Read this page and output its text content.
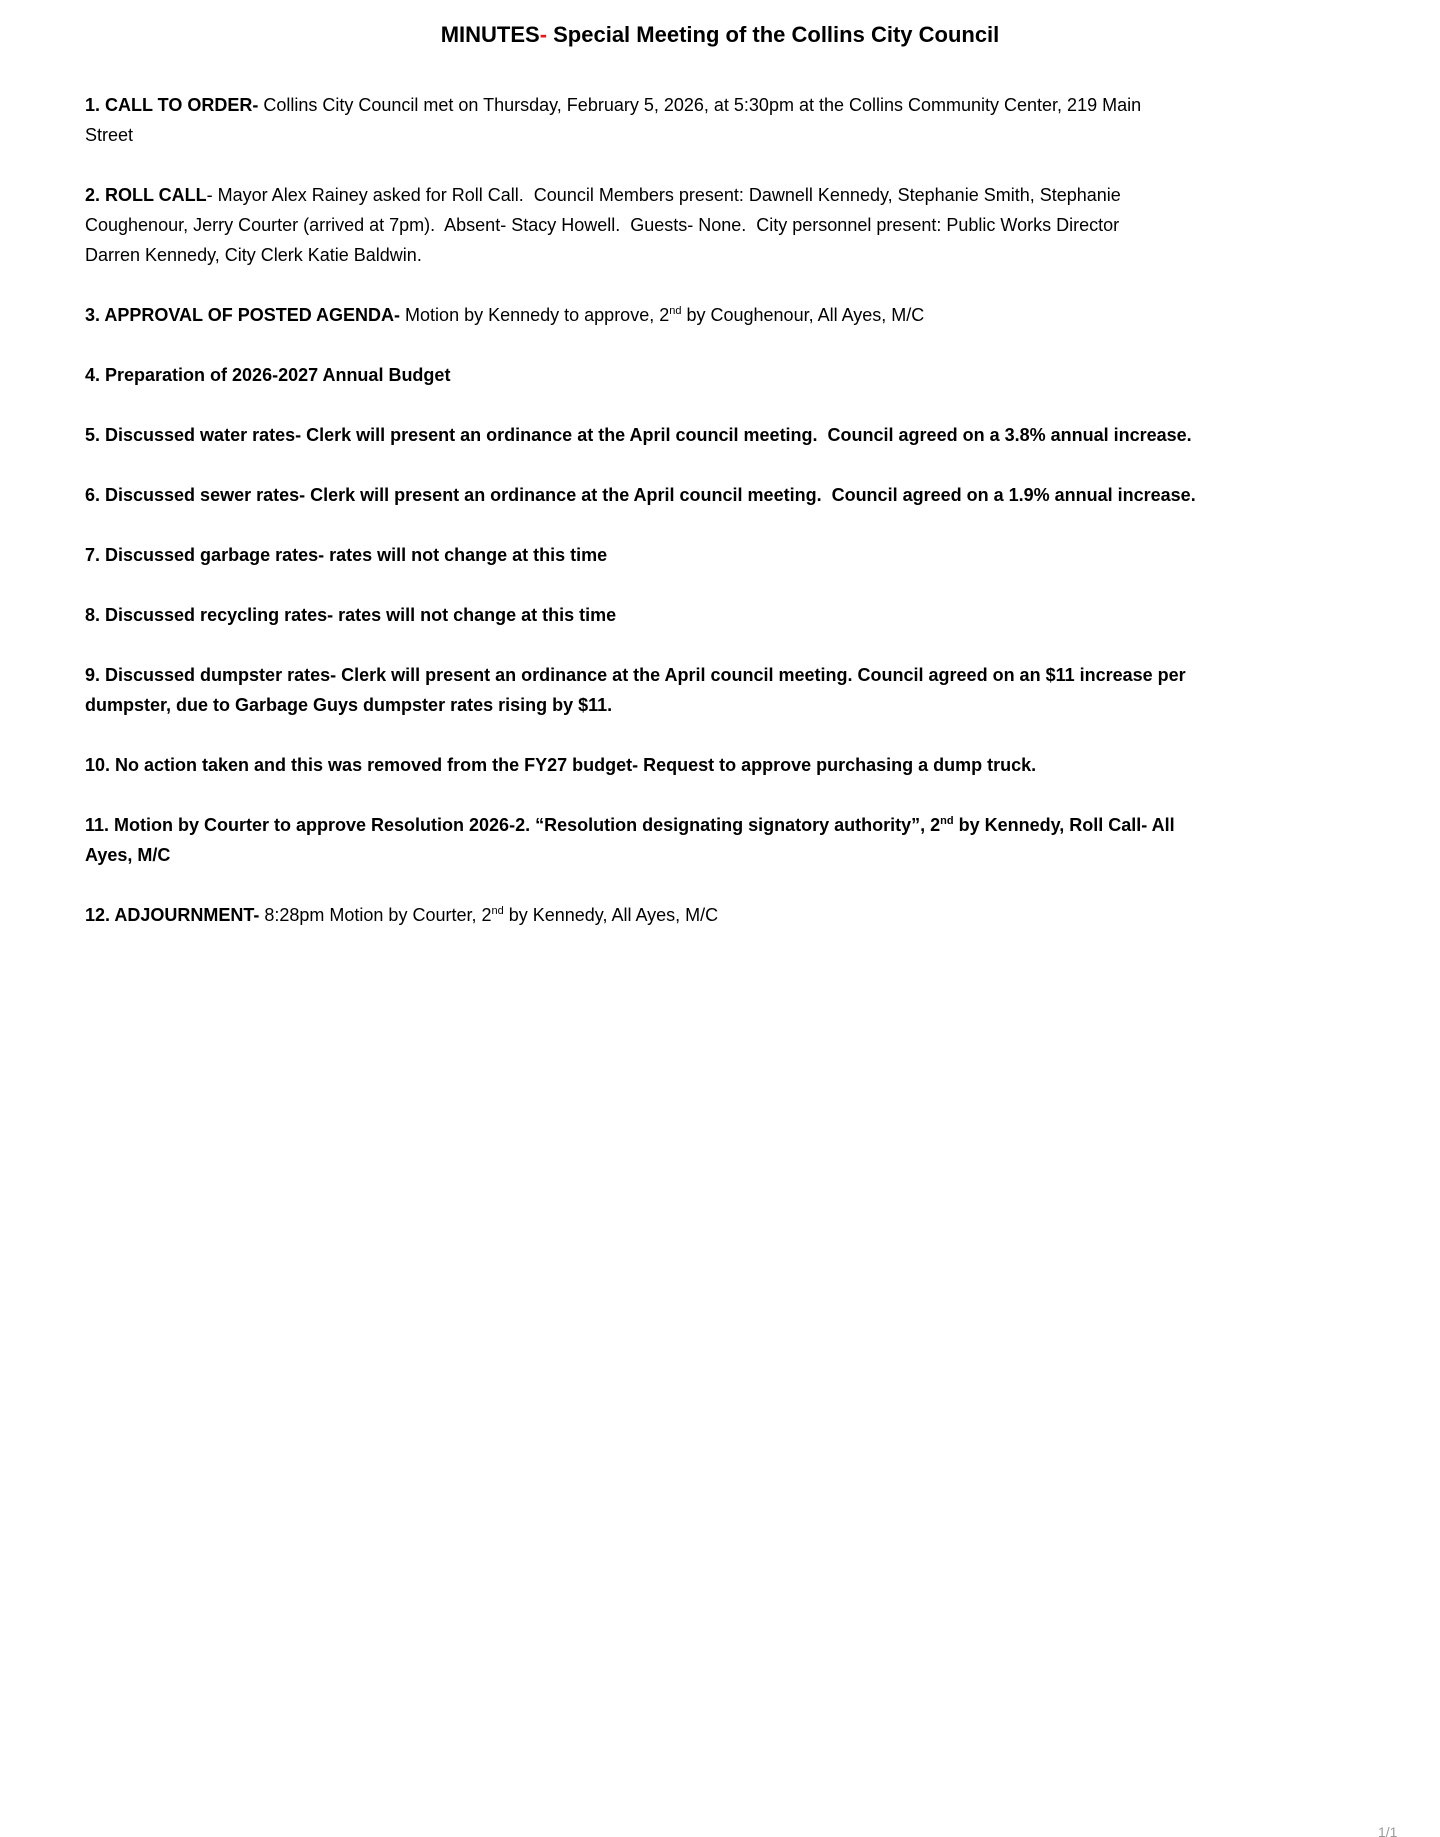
MINUTES- Special Meeting of the Collins City Council

1. CALL TO ORDER- Collins City Council met on Thursday, February 5, 2026, at 5:30pm at the Collins Community Center, 219 Main
Street

2. ROLL CALL- Mayor Alex Rainey asked for Roll Call.  Council Members present: Dawnell Kennedy, Stephanie Smith, Stephanie
Coughenour, Jerry Courter (arrived at 7pm).  Absent- Stacy Howell.  Guests- None.  City personnel present: Public Works Director
Darren Kennedy, City Clerk Katie Baldwin.

3. APPROVAL OF POSTED AGENDA- Motion by Kennedy to approve, 2nd by Coughenour, All Ayes, M/C

4. Preparation of 2026-2027 Annual Budget

5. Discussed water rates- Clerk will present an ordinance at the April council meeting.  Council agreed on a 3.8% annual increase.

6. Discussed sewer rates- Clerk will present an ordinance at the April council meeting.  Council agreed on a 1.9% annual increase.

7. Discussed garbage rates- rates will not change at this time

8. Discussed recycling rates- rates will not change at this time

9. Discussed dumpster rates- Clerk will present an ordinance at the April council meeting. Council agreed on an $11 increase per
dumpster, due to Garbage Guys dumpster rates rising by $11.

10. No action taken and this was removed from the FY27 budget- Request to approve purchasing a dump truck.

11. Motion by Courter to approve Resolution 2026-2. “Resolution designating signatory authority”, 2nd by Kennedy, Roll Call- All
Ayes, M/C

12. ADJOURNMENT- 8:28pm Motion by Courter, 2nd by Kennedy, All Ayes, M/C

1/1
